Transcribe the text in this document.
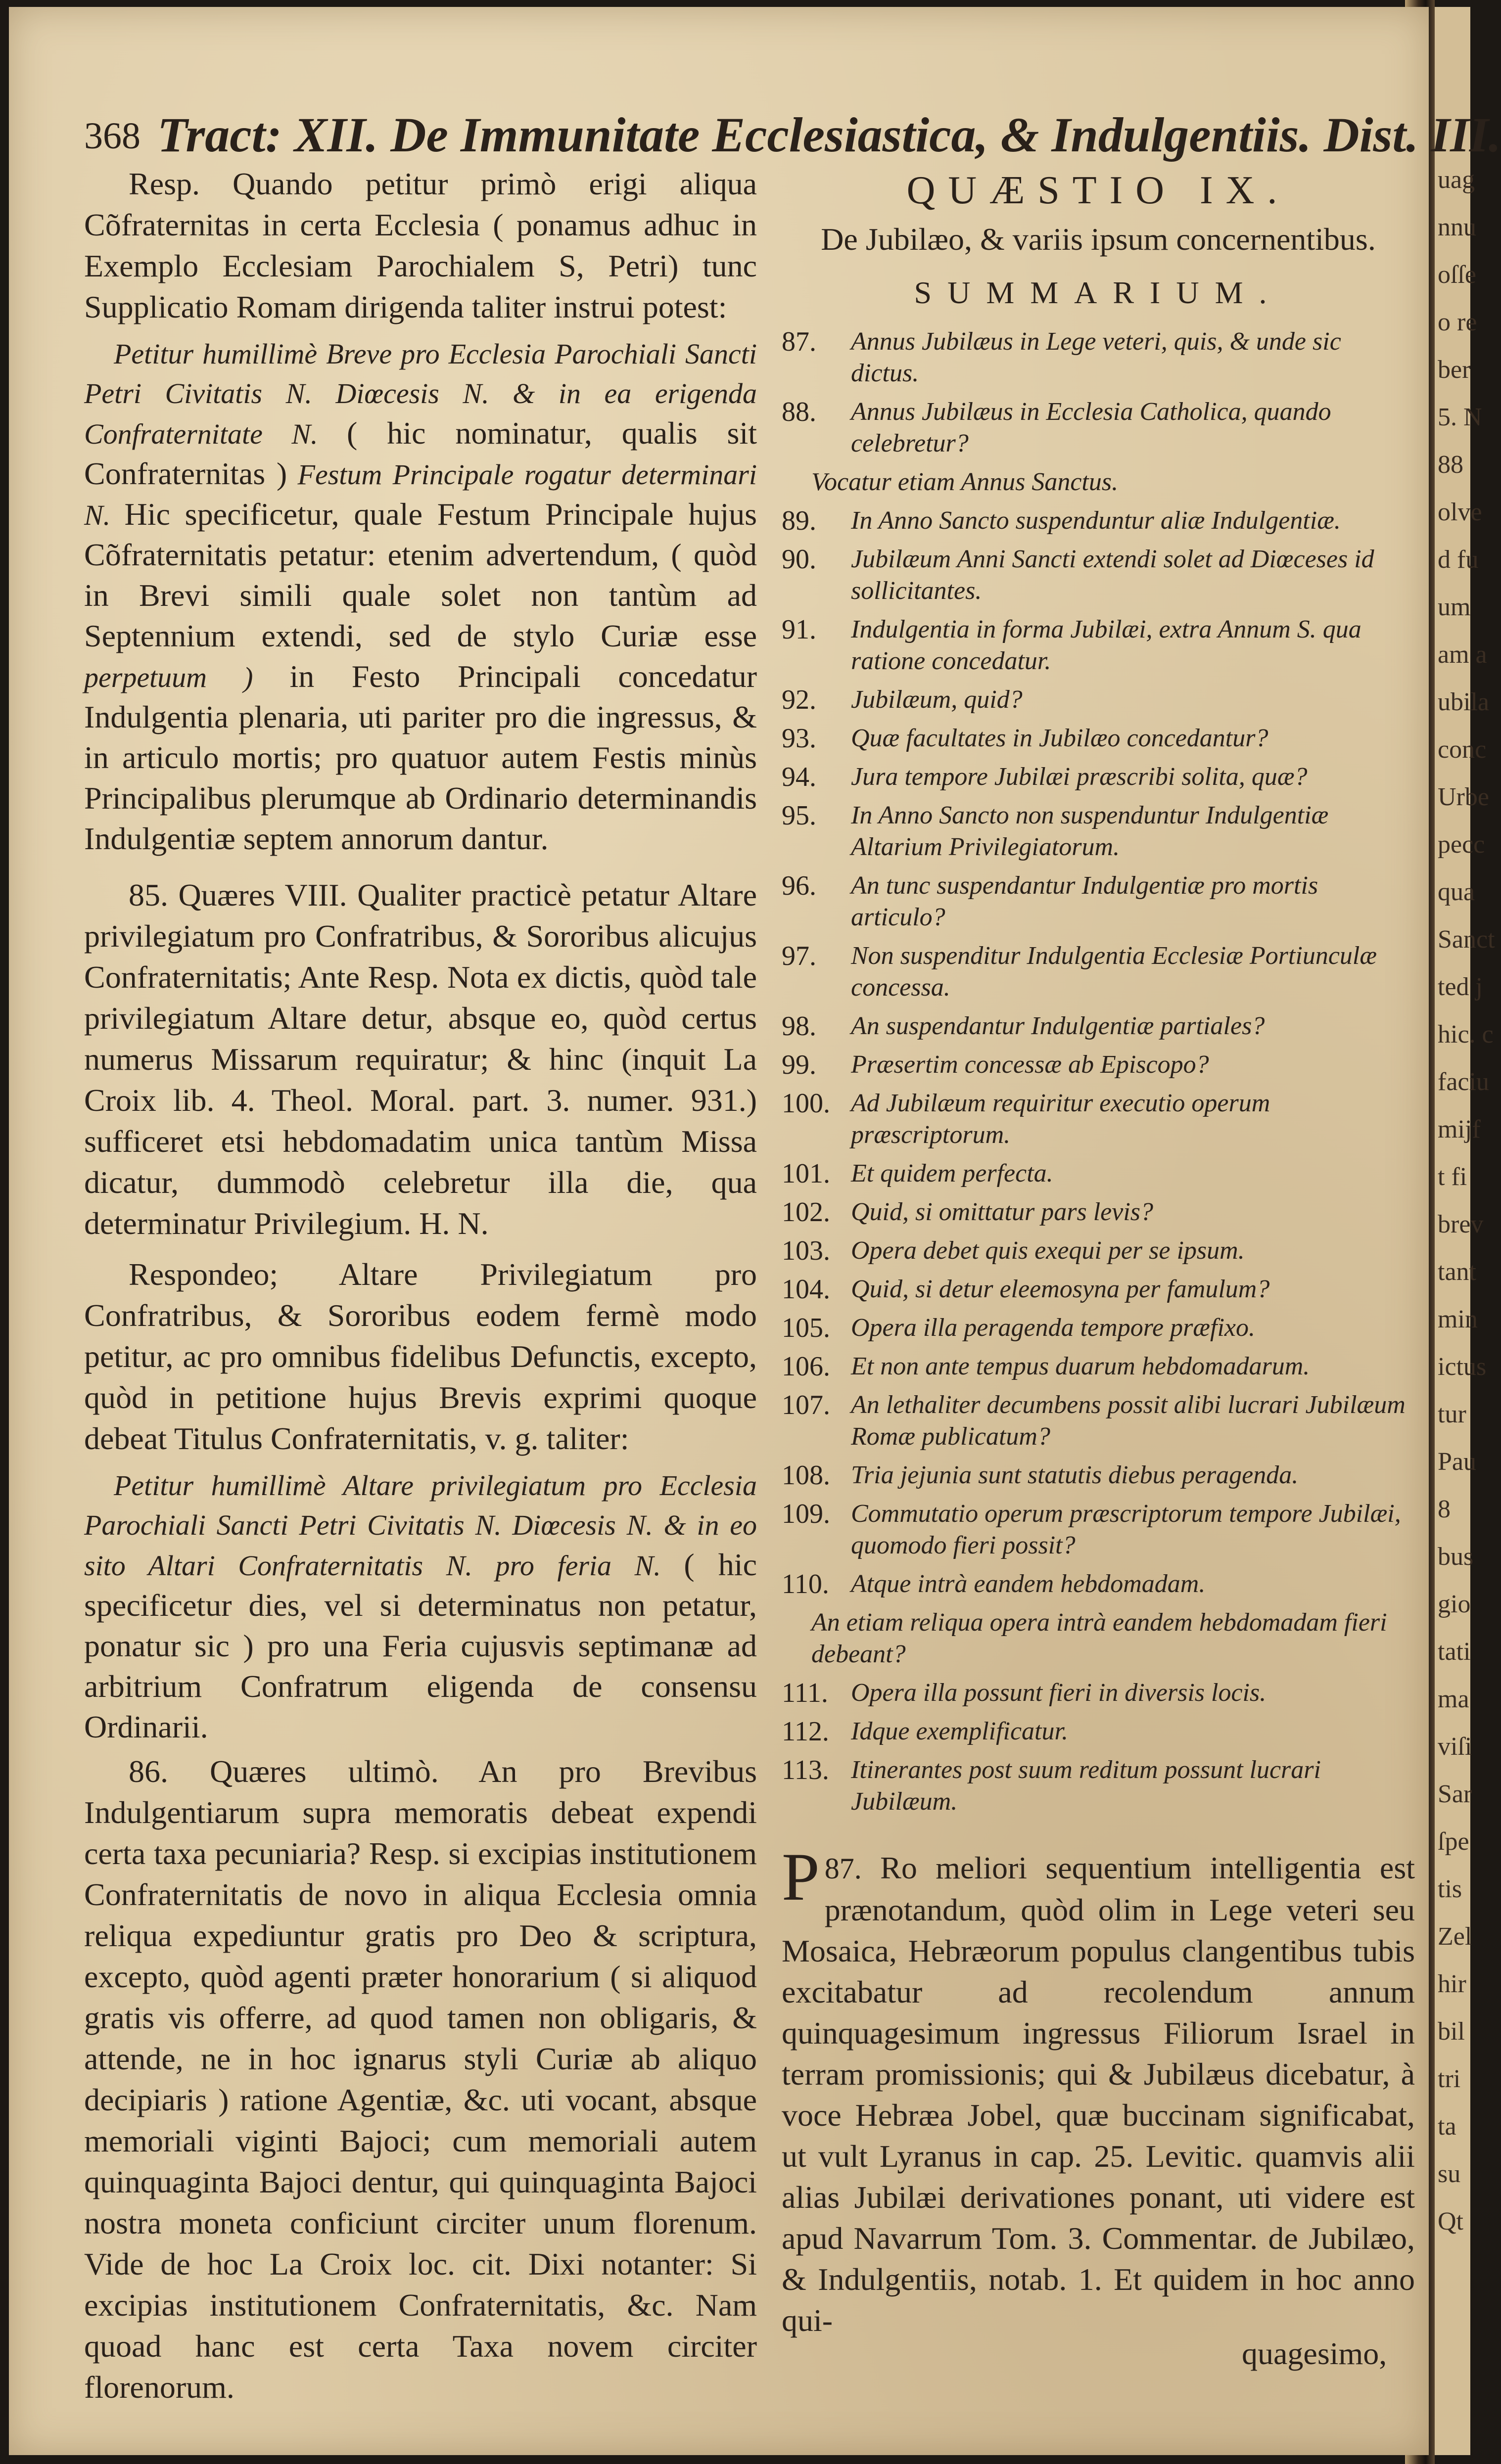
uag
nnu
oſſe
o re
ber
5. N
88
olve
d fu
um
am a
ubila
conc
Urbe
pecc
qua
Sanct
ted j
hic. c
faciu
mijf
t fi
brev
tant
min
ictus
tur
Pau
8
bus
gio
tati
ma
viſi
Sar
ſpe
tis
Zel
hir
bil
tri
ta
su
Qt
368 Tract: XII. De Immunitate Ecclesiastica, & Indulgentiis. Dist. III.

Resp. Quando petitur primò erigi aliqua Cõfraternitas in certa Ecclesia ( ponamus adhuc in Exemplo Ecclesiam Parochialem S, Petri) tunc Supplicatio Romam dirigenda taliter instrui potest:

Petitur humillimè Breve pro Ecclesia Parochiali Sancti Petri Civitatis N. Diœcesis N. & in ea erigenda Confraternitate N. ( hic nominatur, qualis sit Confraternitas ) Festum Principale rogatur determinari N. Hic specificetur, quale Festum Principale hujus Cõfraternitatis petatur: etenim advertendum, ( quòd in Brevi simili quale solet non tantùm ad Septennium extendi, sed de stylo Curiæ esse perpetuum ) in Festo Principali concedatur Indulgentia plenaria, uti pariter pro die ingressus, & in articulo mortis; pro quatuor autem Festis minùs Principalibus plerumque ab Ordinario determinandis Indulgentiæ septem annorum dantur.

85. Quæres VIII. Qualiter practicè petatur Altare privilegiatum pro Confratribus, & Sororibus alicujus Confraternitatis; Ante Resp. Nota ex dictis, quòd tale privilegiatum Altare detur, absque eo, quòd certus numerus Missarum requiratur; & hinc (inquit La Croix lib. 4. Theol. Moral. part. 3. numer. 931.) sufficeret etsi hebdomadatim unica tantùm Missa dicatur, dummodò celebretur illa die, qua determinatur Privilegium. H. N.

Respondeo; Altare Privilegiatum pro Confratribus, & Sororibus eodem fermè modo petitur, ac pro omnibus fidelibus Defunctis, excepto, quòd in petitione hujus Brevis exprimi quoque debeat Titulus Confraternitatis, v. g. taliter:

Petitur humillimè Altare privilegiatum pro Ecclesia Parochiali Sancti Petri Civitatis N. Diœcesis N. & in eo sito Altari Confraternitatis N. pro feria N. ( hic specificetur dies, vel si determinatus non petatur, ponatur sic ) pro una Feria cujusvis septimanæ ad arbitrium Confratrum eligenda de consensu Ordinarii.

86. Quæres ultimò. An pro Brevibus Indulgentiarum supra memoratis debeat expendi certa taxa pecuniaria? Resp. si excipias institutionem Confraternitatis de novo in aliqua Ecclesia omnia reliqua expediuntur gratis pro Deo & scriptura, excepto, quòd agenti præter honorarium ( si aliquod gratis vis offerre, ad quod tamen non obligaris, & attende, ne in hoc ignarus styli Curiæ ab aliquo decipiaris ) ratione Agentiæ, &c. uti vocant, absque memoriali viginti Bajoci; cum memoriali autem quinquaginta Bajoci dentur, qui quinquaginta Bajoci nostra moneta conficiunt circiter unum florenum. Vide de hoc La Croix loc. cit. Dixi notanter: Si excipias institutionem Confraternitatis, &c. Nam quoad hanc est certa Taxa novem circiter florenorum.

QUÆSTIO IX.
De Jubilæo, & variis ipsum concernentibus.
SUMMARIUM.
87.	Annus Jubilæus in Lege veteri, quis, & unde sic dictus.
88.	Annus Jubilæus in Ecclesia Catholica, quando celebretur?
Vocatur etiam Annus Sanctus.
89.	In Anno Sancto suspenduntur aliæ Indulgentiæ.
90.	Jubilæum Anni Sancti extendi solet ad Diœceses id sollicitantes.
91.	Indulgentia in forma Jubilæi, extra Annum S. qua ratione concedatur.
92.	Jubilæum, quid?
93.	Quæ facultates in Jubilæo concedantur?
94.	Jura tempore Jubilæi præscribi solita, quæ?
95.	In Anno Sancto non suspenduntur Indulgentiæ Altarium Privilegiatorum.
96.	An tunc suspendantur Indulgentiæ pro mortis articulo?
97.	Non suspenditur Indulgentia Ecclesiæ Portiunculæ concessa.
98.	An suspendantur Indulgentiæ partiales?
99.	Præsertim concessæ ab Episcopo?
100. Ad Jubilæum requiritur executio operum præscriptorum.
101. Et quidem perfecta.
102. Quid, si omittatur pars levis?
103. Opera debet quis exequi per se ipsum.
104. Quid, si detur eleemosyna per famulum?
105. Opera illa peragenda tempore præfixo.
106. Et non ante tempus duarum hebdomadarum.
107. An lethaliter decumbens possit alibi lucrari Jubilæum Romæ publicatum?
108. Tria jejunia sunt statutis diebus peragenda.
109. Commutatio operum præscriptorum tempore Jubilæi, quomodo fieri possit?
110. Atque intrà eandem hebdomadam.
An etiam reliqua opera intrà eandem hebdomadam fieri debeant?
111. Opera illa possunt fieri in diversis locis.
112. Idque exemplificatur.
113. Itinerantes post suum reditum possunt lucrari Jubilæum.
87.
P Ro meliori sequentium intelligentia est prænotandum, quòd olim in Lege veteri seu Mosaica, Hebræorum populus clangentibus tubis excitabatur ad recolendum annum quinquagesimum ingressus Filiorum Israel in terram promissionis; qui & Jubilæus dicebatur, à voce Hebræa Jobel, quæ buccinam significabat, ut vult Lyranus in cap. 25. Levitic. quamvis alii alias Jubilæi derivationes ponant, uti videre est apud Navarrum Tom. 3. Commentar. de Jubilæo, & Indulgentiis, notab. 1. Et quidem in hoc anno qui-
quagesimo,
